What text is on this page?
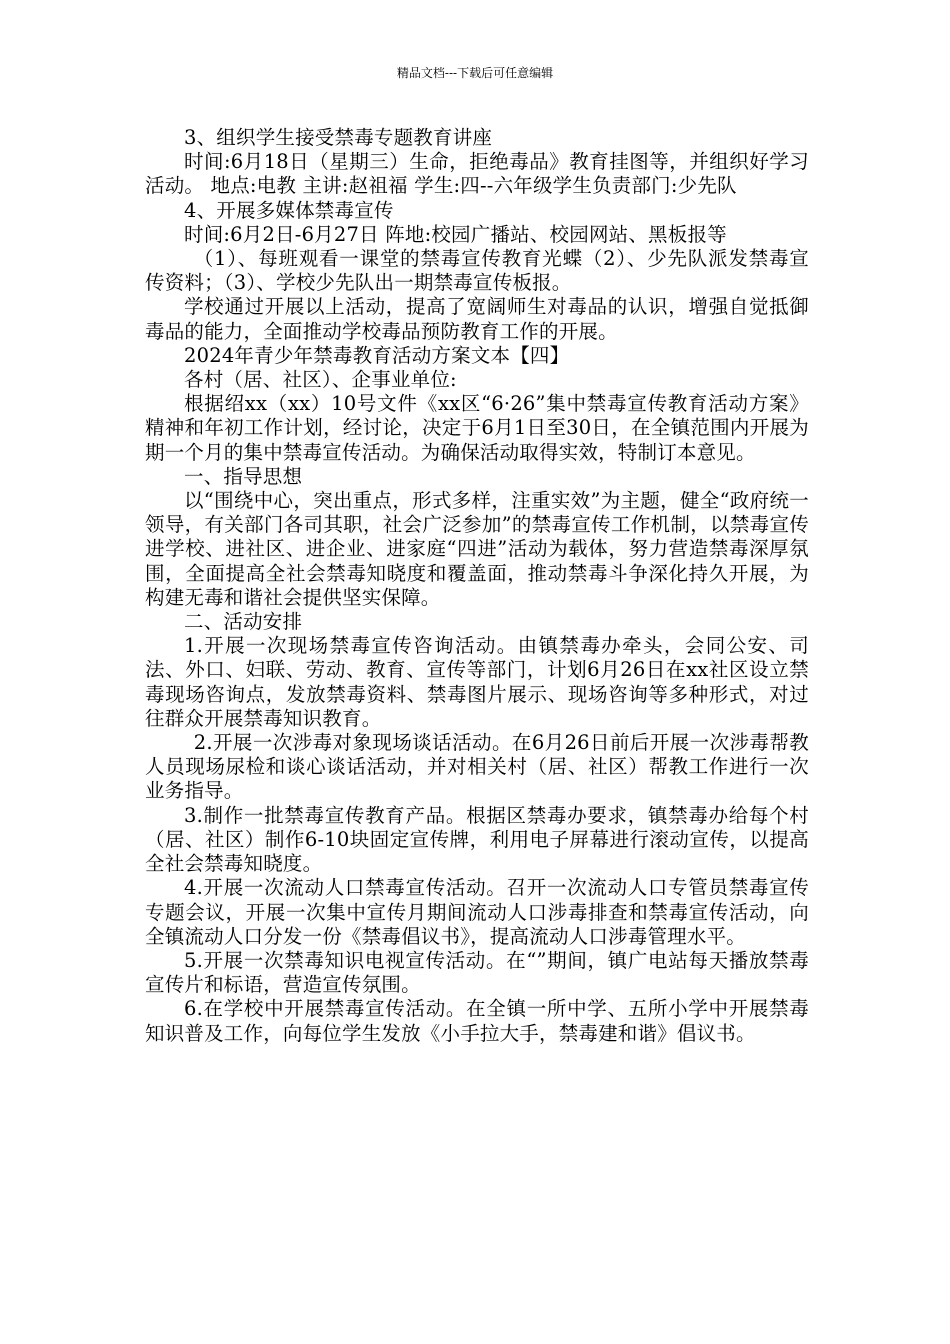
精品文档---下载后可任意编辑

3、组织学生接受禁毒专题教育讲座

时间:6月18日（星期三）生命，拒绝毒品》教育挂图等，并组织好学习活动。 地点:电教 主讲:赵祖福 学生:四--六年级学生负责部门:少先队

4、开展多媒体禁毒宣传

时间:6月2日-6月27日 阵地:校园广播站、校园网站、黑板报等

（1）、每班观看一课堂的禁毒宣传教育光蝶（2）、少先队派发禁毒宣传资料；（3）、学校少先队出一期禁毒宣传板报。

学校通过开展以上活动，提高了宽阔师生对毒品的认识，增强自觉抵御毒品的能力，全面推动学校毒品预防教育工作的开展。

2024年青少年禁毒教育活动方案文本【四】

各村（居、社区）、企事业单位:

根据绍xx（xx）10号文件《xx区“6·26”集中禁毒宣传教育活动方案》精神和年初工作计划，经讨论，决定于6月1日至30日，在全镇范围内开展为期一个月的集中禁毒宣传活动。为确保活动取得实效，特制订本意见。

一、指导思想

以“围绕中心，突出重点，形式多样，注重实效”为主题，健全“政府统一领导，有关部门各司其职，社会广泛参加”的禁毒宣传工作机制，以禁毒宣传进学校、进社区、进企业、进家庭“四进”活动为载体，努力营造禁毒深厚氛围，全面提高全社会禁毒知晓度和覆盖面，推动禁毒斗争深化持久开展，为构建无毒和谐社会提供坚实保障。

二、活动安排

1.开展一次现场禁毒宣传咨询活动。由镇禁毒办牵头，会同公安、司法、外口、妇联、劳动、教育、宣传等部门，计划6月26日在xx社区设立禁毒现场咨询点，发放禁毒资料、禁毒图片展示、现场咨询等多种形式，对过往群众开展禁毒知识教育。

2.开展一次涉毒对象现场谈话活动。在6月26日前后开展一次涉毒帮教人员现场尿检和谈心谈话活动，并对相关村（居、社区）帮教工作进行一次业务指导。

3.制作一批禁毒宣传教育产品。根据区禁毒办要求，镇禁毒办给每个村（居、社区）制作6-10块固定宣传牌，利用电子屏幕进行滚动宣传，以提高全社会禁毒知晓度。

4.开展一次流动人口禁毒宣传活动。召开一次流动人口专管员禁毒宣传专题会议，开展一次集中宣传月期间流动人口涉毒排查和禁毒宣传活动，向全镇流动人口分发一份《禁毒倡议书》，提高流动人口涉毒管理水平。

5.开展一次禁毒知识电视宣传活动。在“”期间，镇广电站每天播放禁毒宣传片和标语，营造宣传氛围。

6.在学校中开展禁毒宣传活动。在全镇一所中学、五所小学中开展禁毒知识普及工作，向每位学生发放《小手拉大手，禁毒建和谐》倡议书。
